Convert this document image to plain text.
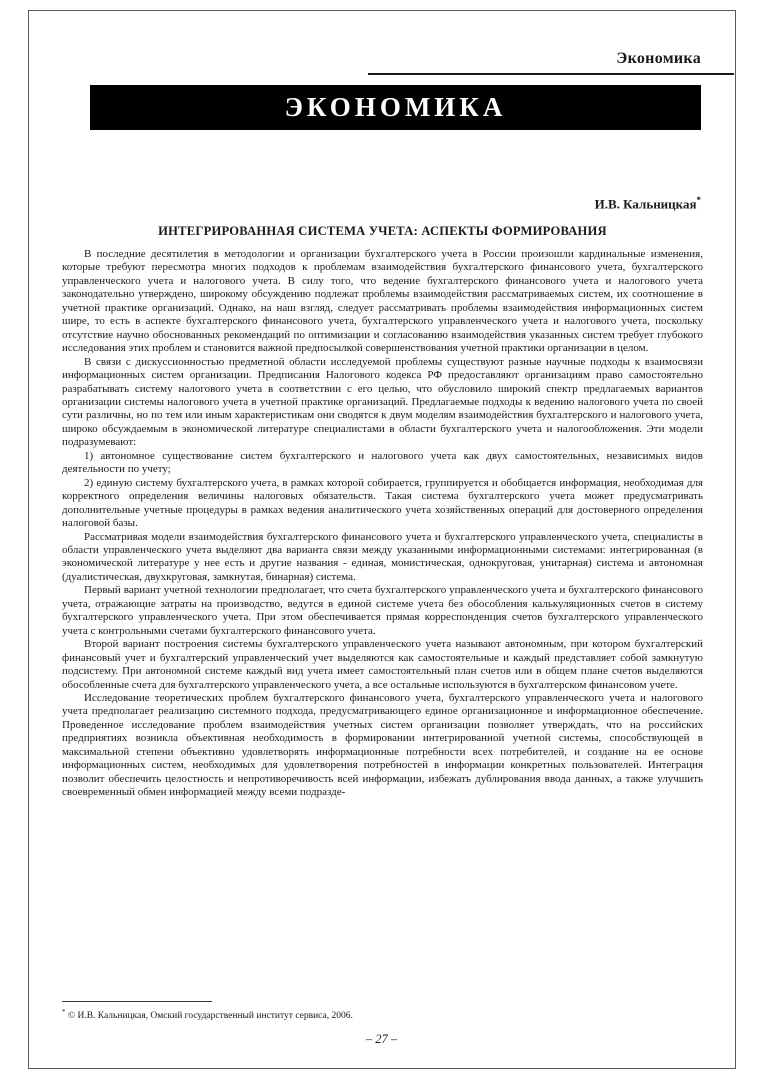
Экономика
ЭКОНОМИКА
И.В. Кальницкая*
ИНТЕГРИРОВАННАЯ СИСТЕМА УЧЕТА: АСПЕКТЫ ФОРМИРОВАНИЯ

В последние десятилетия в методологии и организации бухгалтерского учета в России произошли кардинальные изменения, которые требуют пересмотра многих подходов к проблемам взаимодействия бухгалтерского финансового учета, бухгалтерского управленческого учета и налогового учета. В силу того, что ведение бухгалтерского финансового учета и налогового учета законодательно утверждено, широкому обсуждению подлежат проблемы взаимодействия рассматриваемых систем, их соотношение в учетной практике организаций. Однако, на наш взгляд, следует рассматривать проблемы взаимодействия информационных систем шире, то есть в аспекте бухгалтерского финансового учета, бухгалтерского управленческого учета и налогового учета, поскольку отсутствие научно обоснованных рекомендаций по оптимизации и согласованию взаимодействия указанных систем требует глубокого исследования этих проблем и становится важной предпосылкой совершенствования учетной практики организации в целом.

В связи с дискуссионностью предметной области исследуемой проблемы существуют разные научные подходы к взаимосвязи информационных систем организации. Предписания Налогового кодекса РФ предоставляют организациям право самостоятельно разрабатывать систему налогового учета в соответствии с его целью, что обусловило широкий спектр предлагаемых вариантов организации системы налогового учета в учетной практике организаций. Предлагаемые подходы к ведению налогового учета по своей сути различны, но по тем или иным характеристикам они сводятся к двум моделям взаимодействия бухгалтерского и налогового учета, широко обсуждаемым в экономической литературе специалистами в области бухгалтерского учета и налогообложения. Эти модели подразумевают:

1) автономное существование систем бухгалтерского и налогового учета как двух самостоятельных, независимых видов деятельности по учету;

2) единую систему бухгалтерского учета, в рамках которой собирается, группируется и обобщается информация, необходимая для корректного определения величины налоговых обязательств. Такая система бухгалтерского учета может предусматривать дополнительные учетные процедуры в рамках ведения аналитического учета хозяйственных операций для достоверного определения налоговой базы.

Рассматривая модели взаимодействия бухгалтерского финансового учета и бухгалтерского управленческого учета, специалисты в области управленческого учета выделяют два варианта связи между указанными информационными системами: интегрированная (в экономической литературе у нее есть и другие названия - единая, монистическая, однокруговая, унитарная) система и автономная (дуалистическая, двухкруговая, замкнутая, бинарная) система.

Первый вариант учетной технологии предполагает, что счета бухгалтерского управленческого учета и бухгалтерского финансового учета, отражающие затраты на производство, ведутся в единой системе учета без обособления калькуляционных счетов в систему бухгалтерского управленческого учета. При этом обеспечивается прямая корреспонденция счетов бухгалтерского управленческого учета с контрольными счетами бухгалтерского финансового учета.

Второй вариант построения системы бухгалтерского управленческого учета называют автономным, при котором бухгалтерский финансовый учет и бухгалтерский управленческий учет выделяются как самостоятельные и каждый представляет собой замкнутую подсистему. При автономной системе каждый вид учета имеет самостоятельный план счетов или в общем плане счетов выделяются обособленные счета для бухгалтерского управленческого учета, а все остальные используются в бухгалтерском финансовом учете.

Исследование теоретических проблем бухгалтерского финансового учета, бухгалтерского управленческого учета и налогового учета предполагает реализацию системного подхода, предусматривающего единое организационное и информационное обеспечение. Проведенное исследование проблем взаимодействия учетных систем организации позволяет утверждать, что на российских предприятиях возникла объективная необходимость в формировании интегрированной учетной системы, способствующей в максимальной степени объективно удовлетворять информационные потребности всех потребителей, и создание на ее основе информационных систем, необходимых для удовлетворения потребностей в информации конкретных пользователей. Интеграция позволит обеспечить целостность и непротиворечивость всей информации, избежать дублирования ввода данных, а также улучшить своевременный обмен информацией между всеми подразде-

* © И.В. Кальницкая, Омский государственный институт сервиса, 2006.
– 27 –
